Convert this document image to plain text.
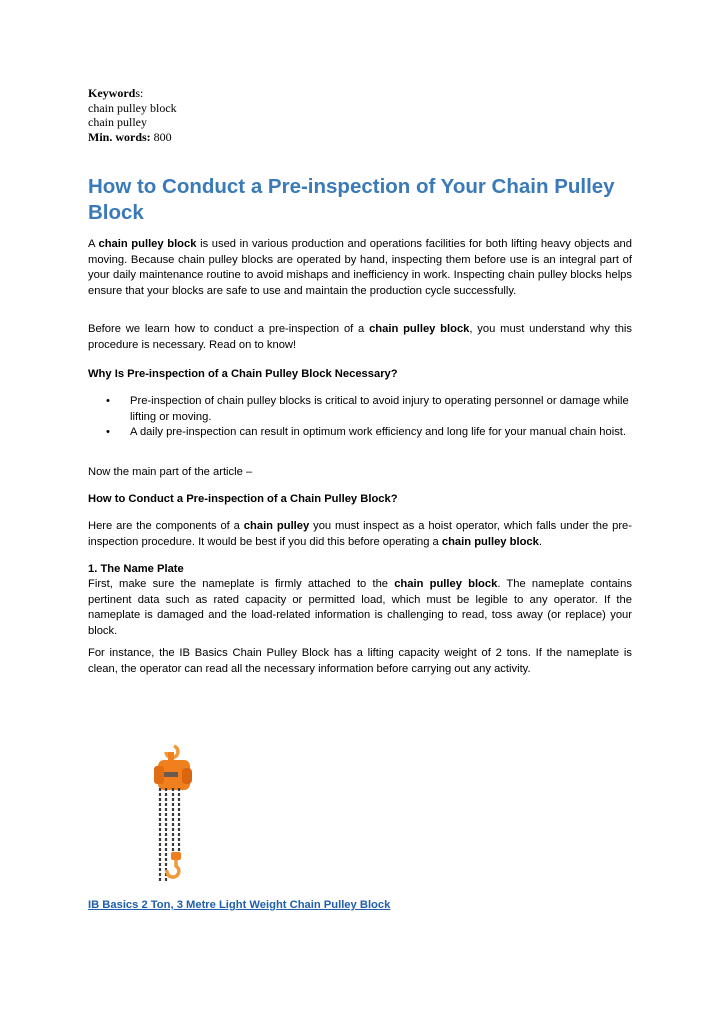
Keywords:
chain pulley block
chain pulley
Min. words: 800
How to Conduct a Pre-inspection of Your Chain Pulley Block

A chain pulley block is used in various production and operations facilities for both lifting heavy objects and moving. Because chain pulley blocks are operated by hand, inspecting them before use is an integral part of your daily maintenance routine to avoid mishaps and inefficiency in work. Inspecting chain pulley blocks helps ensure that your blocks are safe to use and maintain the production cycle successfully.

Before we learn how to conduct a pre-inspection of a chain pulley block, you must understand why this procedure is necessary. Read on to know!

Why Is Pre-inspection of a Chain Pulley Block Necessary?
• Pre-inspection of chain pulley blocks is critical to avoid injury to operating personnel or damage while lifting or moving.
• A daily pre-inspection can result in optimum work efficiency and long life for your manual chain hoist.
Now the main part of the article –
How to Conduct a Pre-inspection of a Chain Pulley Block?

Here are the components of a chain pulley you must inspect as a hoist operator, which falls under the pre-inspection procedure. It would be best if you did this before operating a chain pulley block.

1. The Name Plate

First, make sure the nameplate is firmly attached to the chain pulley block. The nameplate contains pertinent data such as rated capacity or permitted load, which must be legible to any operator. If the nameplate is damaged and the load-related information is challenging to read, toss away (or replace) your block.

For instance, the IB Basics Chain Pulley Block has a lifting capacity weight of 2 tons. If the nameplate is clean, the operator can read all the necessary information before carrying out any activity.

IB Basics 2 Ton, 3 Metre Light Weight Chain Pulley Block
